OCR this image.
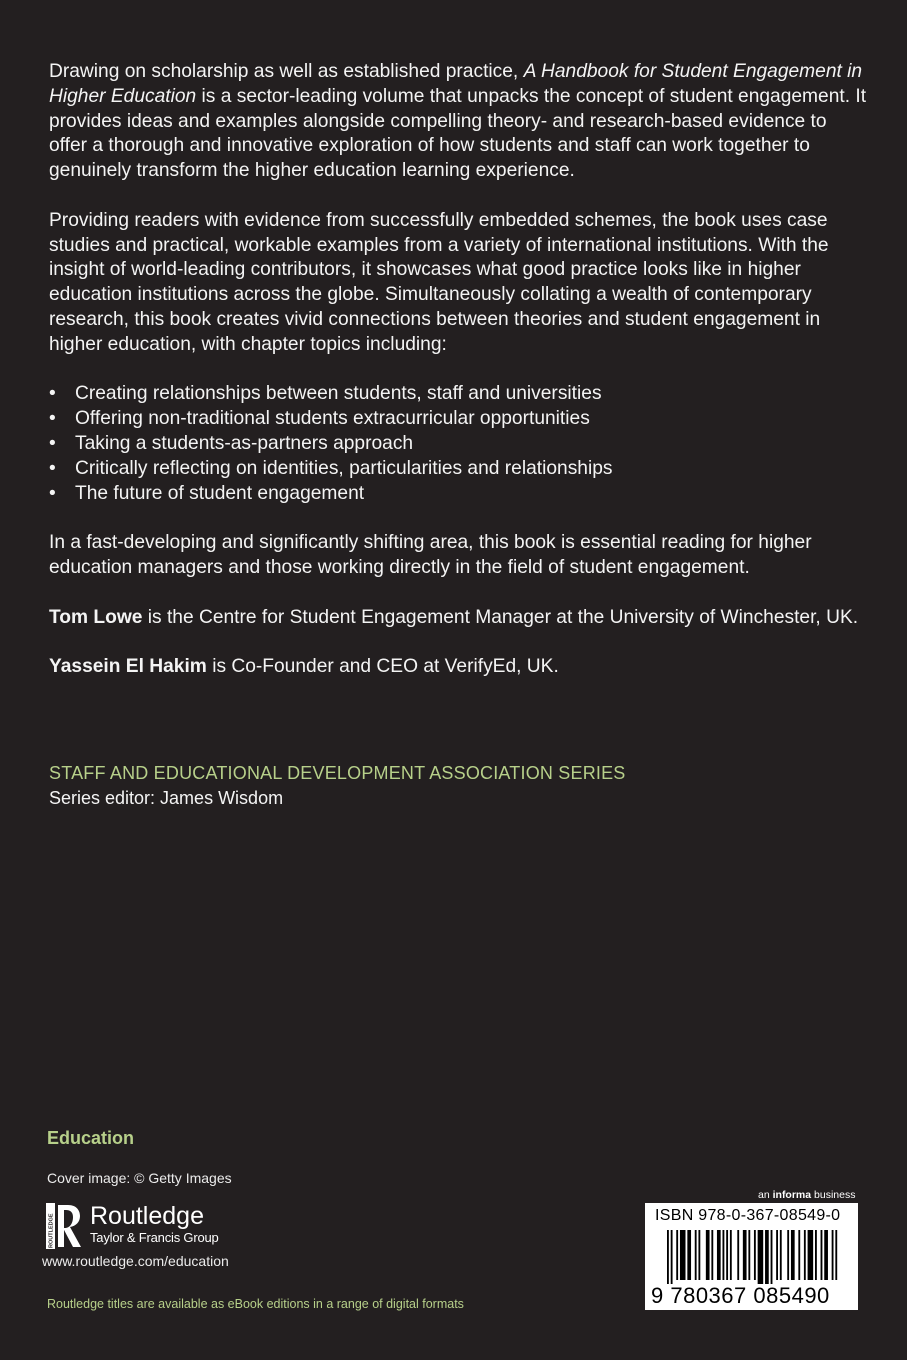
Drawing on scholarship as well as established practice, A Handbook for Student Engagement in Higher Education is a sector-leading volume that unpacks the concept of student engagement. It provides ideas and examples alongside compelling theory- and research-based evidence to offer a thorough and innovative exploration of how students and staff can work together to genuinely transform the higher education learning experience.

Providing readers with evidence from successfully embedded schemes, the book uses case studies and practical, workable examples from a variety of international institutions. With the insight of world-leading contributors, it showcases what good practice looks like in higher education institutions across the globe. Simultaneously collating a wealth of contemporary research, this book creates vivid connections between theories and student engagement in higher education, with chapter topics including:

• Creating relationships between students, staff and universities
• Offering non-traditional students extracurricular opportunities
• Taking a students-as-partners approach
• Critically reflecting on identities, particularities and relationships
• The future of student engagement

In a fast-developing and significantly shifting area, this book is essential reading for higher education managers and those working directly in the field of student engagement.

Tom Lowe is the Centre for Student Engagement Manager at the University of Winchester, UK.

Yassein El Hakim is Co-Founder and CEO at VerifyEd, UK.

STAFF AND EDUCATIONAL DEVELOPMENT ASSOCIATION SERIES
Series editor: James Wisdom
Education
Cover image: © Getty Images
ROUTLEDGE Routledge
Taylor & Francis Group
www.routledge.com/education
Routledge titles are available as eBook editions in a range of digital formats
an informa business
ISBN 978-0-367-08549-0
9 780367 085490
